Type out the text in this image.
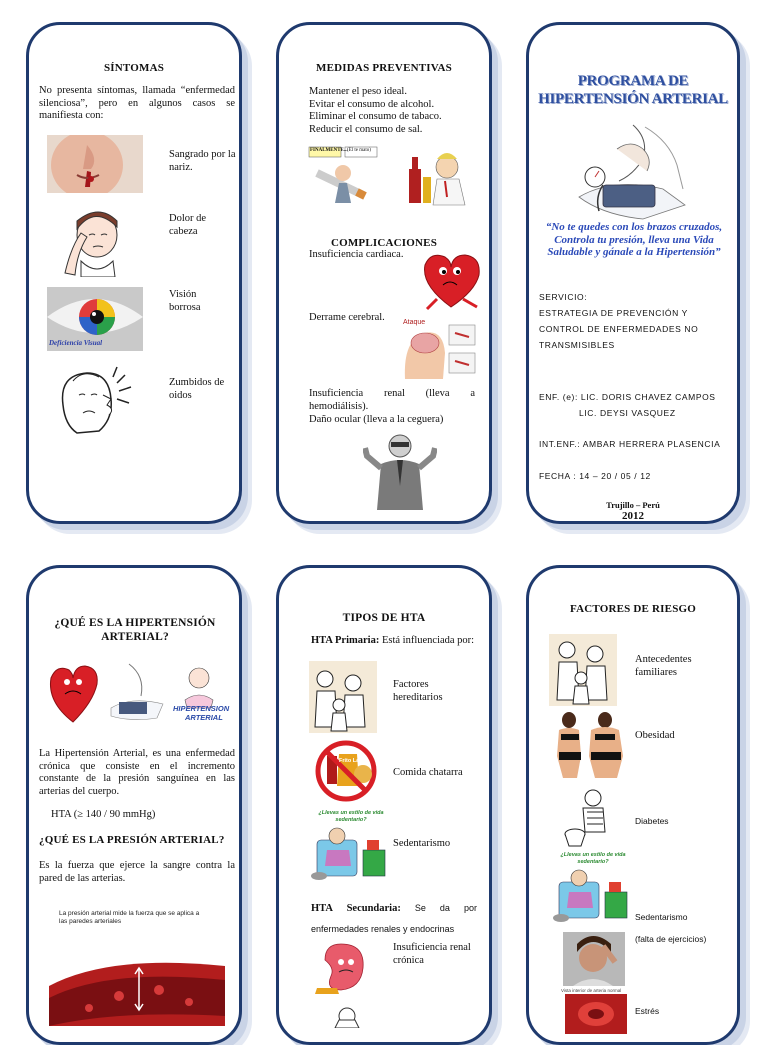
SÍNTOMAS
No presenta síntomas, llamada “enfermedad silenciosa”, pero en algunos casos se manifiesta con:
Sangrado por la nariz.
Dolor de cabeza
Deficiencia Visual
Visión borrosa
Zumbidos de oidos
MEDIDAS PREVENTIVAS
Mantener el peso ideal.
Evitar el consumo de alcohol.
Eliminar el consumo de tabaco.
Reducir el consumo de sal.
FINALMENTE... (El te mato)
COMPLICACIONES
Insuficiencia cardiaca.
Derrame cerebral.	Ataque
Insuficiencia renal (lleva a hemodiálisis).
Daño ocular (lleva a la ceguera)
PROGRAMA DE
HIPERTENSIÓN ARTERIAL
“No te quedes con los brazos cruzados, Controla tu presión, lleva una Vida Saludable y gánale a la Hipertensión”
SERVICIO:
ESTRATEGIA DE PREVENCIÓN Y
CONTROL DE ENFERMEDADES NO
TRANSMISIBLES
ENF. (e): LIC. DORIS CHAVEZ CAMPOS
LIC. DEYSI VASQUEZ
INT.ENF.: AMBAR HERRERA PLASENCIA
FECHA : 14 – 20 / 05 / 12
Trujillo – Perú
2012
¿QUÉ ES LA HIPERTENSIÓN ARTERIAL?
HIPERTENSION
ARTERIAL
La Hipertensión Arterial, es una enfermedad crónica que consiste en el incremento constante de la presión sanguínea en las arterias del cuerpo.
HTA (≥ 140 / 90 mmHg)
¿QUÉ ES LA PRESIÓN ARTERIAL?
Es la fuerza que ejerce la sangre contra la pared de las arterias.
La presión arterial mide la fuerza que se aplica a las paredes arteriales
TIPOS DE HTA
HTA Primaria: Está influenciada por:
Factores hereditarios
Frito Lay
Comida chatarra
¿Llevas un estilo de vida sedentario?
Sedentarismo
HTA Secundaria: Se da por enfermedades renales y endocrinas
Insuficiencia renal crónica
FACTORES DE RIESGO
Antecedentes familiares
Obesidad
Diabetes
¿Llevas un estilo de vida sedentario?
Sedentarismo
(falta de ejercicios)
Vista interior de arteria normal
Estrés
